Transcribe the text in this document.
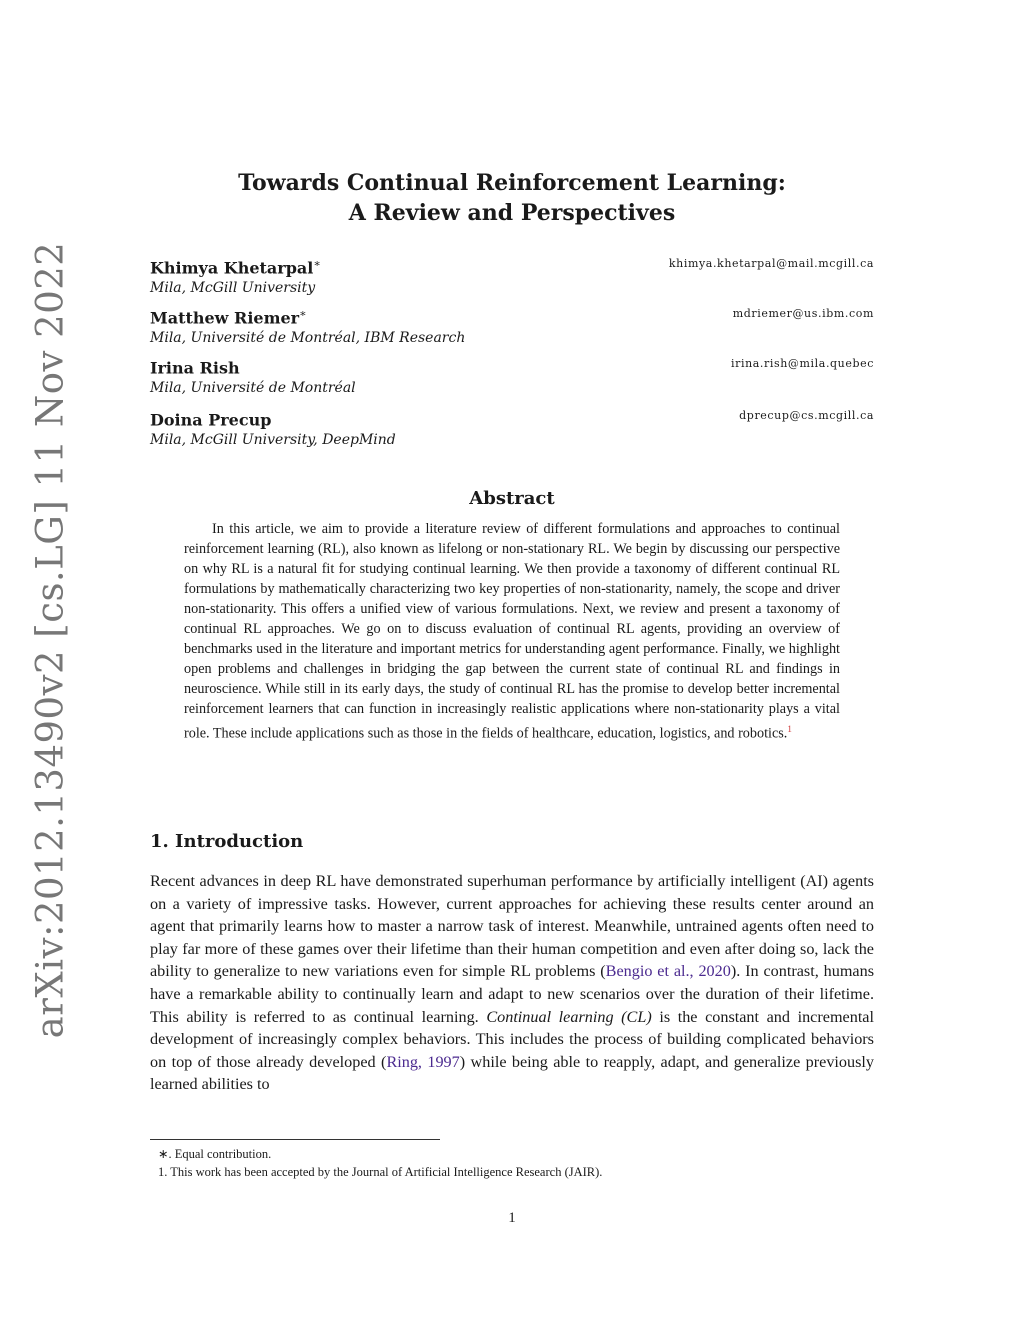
arXiv:2012.13490v2 [cs.LG] 11 Nov 2022
Towards Continual Reinforcement Learning:
A Review and Perspectives
Khimya Khetarpal∗	khimya.khetarpal@mail.mcgill.ca
Mila, McGill University
Matthew Riemer∗	mdriemer@us.ibm.com
Mila, Université de Montréal, IBM Research
Irina Rish	irina.rish@mila.quebec
Mila, Université de Montréal
Doina Precup	dprecup@cs.mcgill.ca
Mila, McGill University, DeepMind
Abstract
In this article, we aim to provide a literature review of different formulations and approaches to continual reinforcement learning (RL), also known as lifelong or non-stationary RL. We begin by discussing our perspective on why RL is a natural fit for studying continual learning. We then provide a taxonomy of different continual RL formulations by mathematically characterizing two key properties of non-stationarity, namely, the scope and driver non-stationarity. This offers a unified view of various formulations. Next, we review and present a taxonomy of continual RL approaches. We go on to discuss evaluation of continual RL agents, providing an overview of benchmarks used in the literature and important metrics for understanding agent performance. Finally, we highlight open problems and challenges in bridging the gap between the current state of continual RL and findings in neuroscience. While still in its early days, the study of continual RL has the promise to develop better incremental reinforcement learners that can function in increasingly realistic applications where non-stationarity plays a vital role. These include applications such as those in the fields of healthcare, education, logistics, and robotics.$^1$
1. Introduction
Recent advances in deep RL have demonstrated superhuman performance by artificially intelligent (AI) agents on a variety of impressive tasks. However, current approaches for achieving these results center around an agent that primarily learns how to master a narrow task of interest. Meanwhile, untrained agents often need to play far more of these games over their lifetime than their human competition and even after doing so, lack the ability to generalize to new variations even for simple RL problems (Bengio et al., 2020). In contrast, humans have a remarkable ability to continually learn and adapt to new scenarios over the duration of their lifetime. This ability is referred to as continual learning. Continual learning (CL) is the constant and incremental development of increasingly complex behaviors. This includes the process of building complicated behaviors on top of those already developed (Ring, 1997) while being able to reapply, adapt, and generalize previously learned abilities to
∗. Equal contribution.
1. This work has been accepted by the Journal of Artificial Intelligence Research (JAIR).
1
